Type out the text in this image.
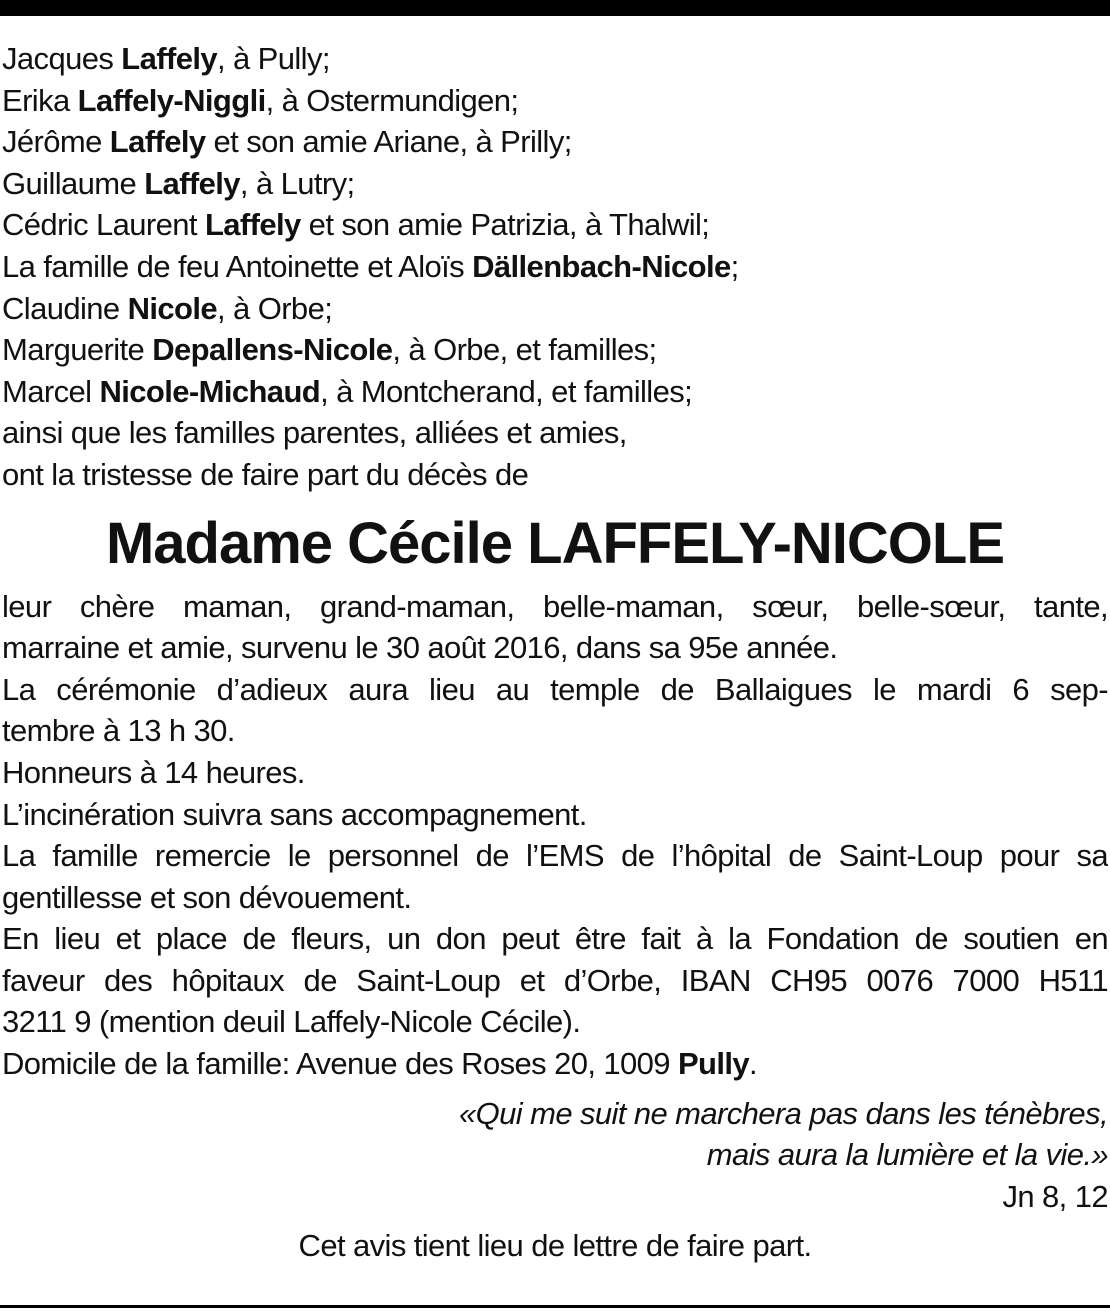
Jacques Laffely, à Pully;
Erika Laffely-Niggli, à Ostermundigen;
Jérôme Laffely et son amie Ariane, à Prilly;
Guillaume Laffely, à Lutry;
Cédric Laurent Laffely et son amie Patrizia, à Thalwil;
La famille de feu Antoinette et Aloïs Dällenbach-Nicole;
Claudine Nicole, à Orbe;
Marguerite Depallens-Nicole, à Orbe, et familles;
Marcel Nicole-Michaud, à Montcherand, et familles;
ainsi que les familles parentes, alliées et amies,
ont la tristesse de faire part du décès de
Madame Cécile LAFFELY-NICOLE
leur chère maman, grand-maman, belle-maman, sœur, belle-sœur, tante,
marraine et amie, survenu le 30 août 2016, dans sa 95e année.
La cérémonie d’adieux aura lieu au temple de Ballaigues le mardi 6 sep-
tembre à 13 h 30.
Honneurs à 14 heures.
L’incinération suivra sans accompagnement.
La famille remercie le personnel de l’EMS de l’hôpital de Saint-Loup pour sa
gentillesse et son dévouement.
En lieu et place de fleurs, un don peut être fait à la Fondation de soutien en
faveur des hôpitaux de Saint-Loup et d’Orbe, IBAN CH95 0076 7000 H511
3211 9 (mention deuil Laffely-Nicole Cécile).
Domicile de la famille: Avenue des Roses 20, 1009 Pully.
«Qui me suit ne marchera pas dans les ténèbres,
mais aura la lumière et la vie.»
Jn 8, 12
Cet avis tient lieu de lettre de faire part.
